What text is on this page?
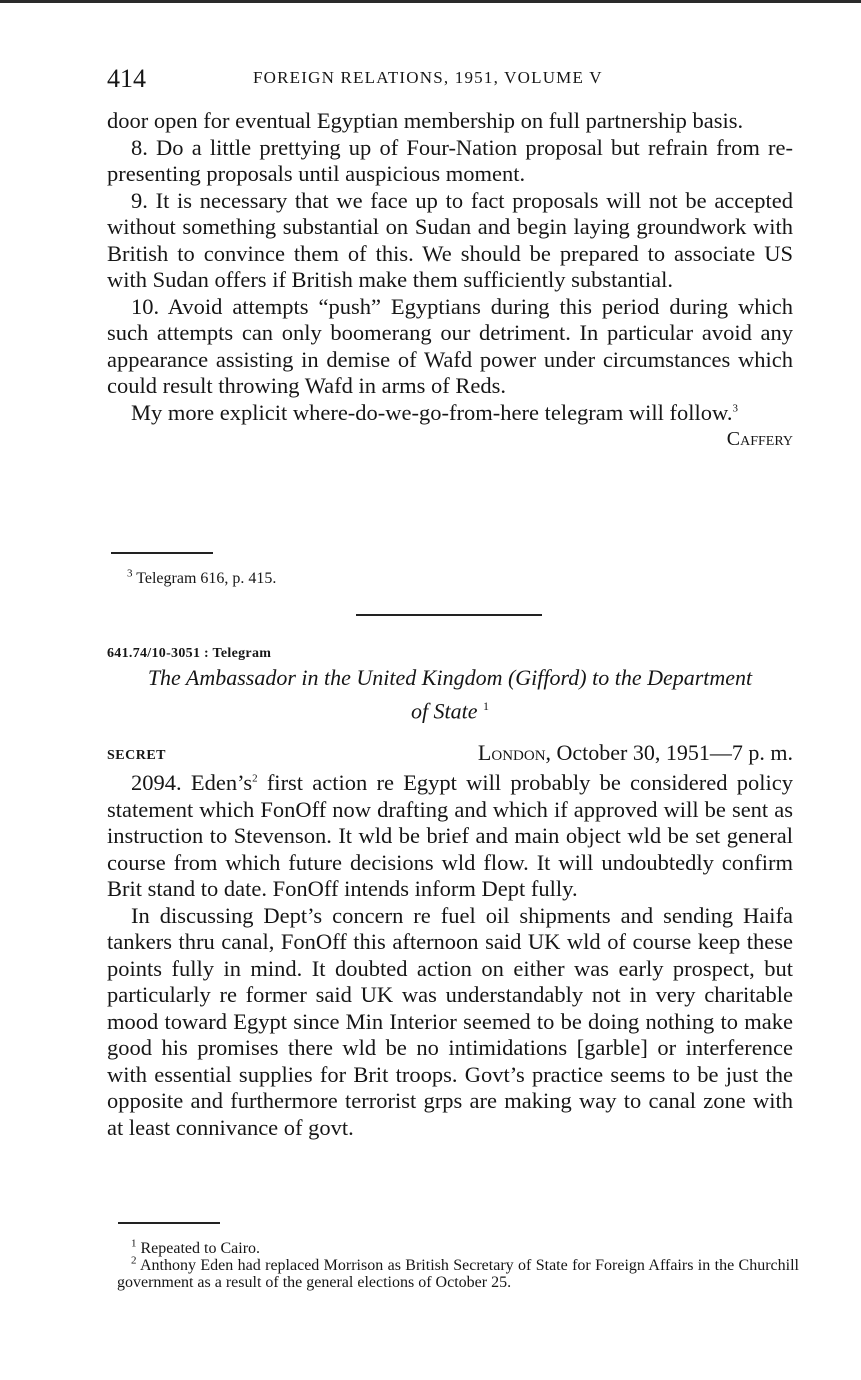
414	FOREIGN RELATIONS, 1951, VOLUME V

door open for eventual Egyptian membership on full partnership basis.

8. Do a little prettying up of Four-Nation proposal but refrain from re-presenting proposals until auspicious moment.

9. It is necessary that we face up to fact proposals will not be accepted without something substantial on Sudan and begin laying groundwork with British to convince them of this. We should be prepared to associate US with Sudan offers if British make them sufficiently substantial.

10. Avoid attempts “push” Egyptians during this period during which such attempts can only boomerang our detriment. In particular avoid any appearance assisting in demise of Wafd power under circumstances which could result throwing Wafd in arms of Reds.

My more explicit where-do-we-go-from-here telegram will follow.$^3$

Caffery

$^3$ Telegram 616, p. 415.
641.74/10-3051 : Telegram
The Ambassador in the United Kingdom (Gifford) to the Department
of State $^1$
SECRET	London, October 30, 1951—7 p. m.

2094. $Eden’s^2$ first action re Egypt will probably be considered policy statement which FonOff now drafting and which if approved will be sent as instruction to Stevenson. It wld be brief and main object wld be set general course from which future decisions wld flow. It will undoubtedly confirm Brit stand to date. FonOff intends inform Dept fully.

In discussing Dept’s concern re fuel oil shipments and sending Haifa tankers thru canal, FonOff this afternoon said UK wld of course keep these points fully in mind. It doubted action on either was early prospect, but particularly re former said UK was understandably not in very charitable mood toward Egypt since Min Interior seemed to be doing nothing to make good his promises there wld be no intimidations [garble] or interference with essential supplies for Brit troops. Govt’s practice seems to be just the opposite and furthermore terrorist grps are making way to canal zone with at least connivance of govt.

$^1$ Repeated to Cairo.
$^2$ Anthony Eden had replaced Morrison as British Secretary of State for Foreign Affairs in the Churchill government as a result of the general elections of October 25.
